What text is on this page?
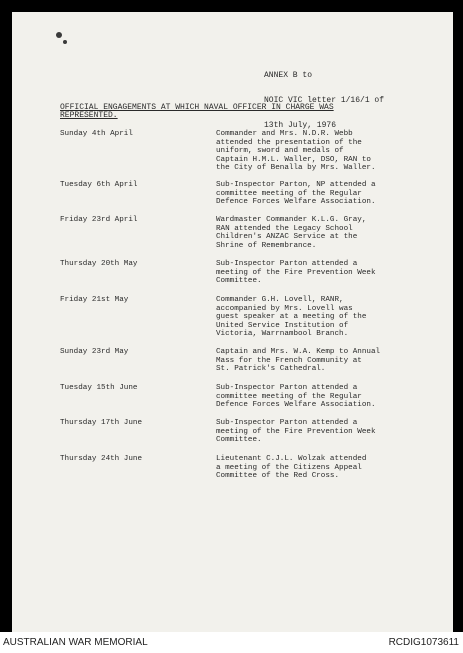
ANNEX B to

NOIC VIC letter 1/16/1 of

13th July, 1976

OFFICIAL ENGAGEMENTS AT WHICH NAVAL OFFICER IN CHARGE WAS REPRESENTED.
Sunday 4th April	Commander and Mrs. N.D.R. Webb
attended the presentation of the
uniform, sword and medals of
Captain H.M.L. Waller, DSO, RAN to
the City of Benalla by Mrs. Waller.
Tuesday 6th April	Sub-Inspector Parton, NP attended a
committee meeting of the Regular
Defence Forces Welfare Association.
Friday 23rd April	Wardmaster Commander K.L.G. Gray,
RAN attended the Legacy School
Children's ANZAC Service at the
Shrine of Remembrance.
Thursday 20th May	Sub-Inspector Parton attended a
meeting of the Fire Prevention Week
Committee.
Friday 21st May	Commander G.H. Lovell, RANR,
accompanied by Mrs. Lovell was
guest speaker at a meeting of the
United Service Institution of
Victoria, Warrnambool Branch.
Sunday 23rd May	Captain and Mrs. W.A. Kemp to Annual
Mass for the French Community at
St. Patrick's Cathedral.
Tuesday 15th June	Sub-Inspector Parton attended a
committee meeting of the Regular
Defence Forces Welfare Association.
Thursday 17th June	Sub-Inspector Parton attended a
meeting of the Fire Prevention Week
Committee.
Thursday 24th June	Lieutenant C.J.L. Wolzak attended
a meeting of the Citizens Appeal
Committee of the Red Cross.
AUSTRALIAN WAR MEMORIAL	RCDIG1073611
